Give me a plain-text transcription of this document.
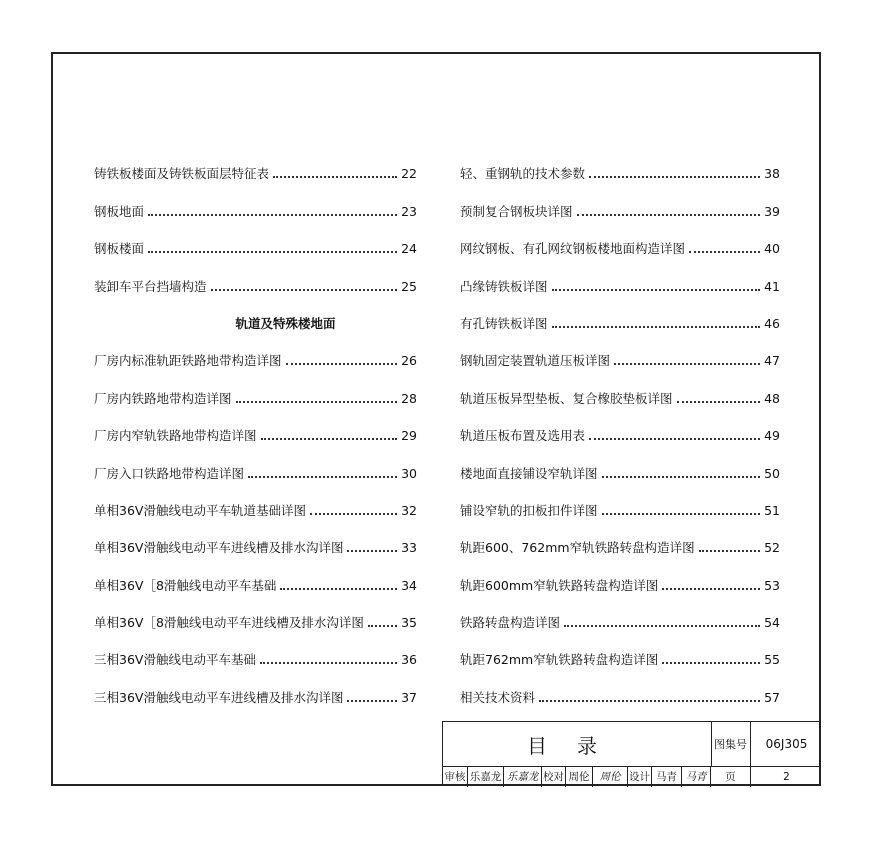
铸铁板楼面及铸铁板面层特征表	22
钢板地面	23
钢板楼面	24
装卸车平台挡墙构造	25
轨道及特殊楼地面
厂房内标准轨距铁路地带构造详图	26
厂房内铁路地带构造详图	28
厂房内窄轨铁路地带构造详图	29
厂房入口铁路地带构造详图	30
单相36V滑触线电动平车轨道基础详图	32
单相36V滑触线电动平车进线槽及排水沟详图	33
单相36V［8滑触线电动平车基础	34
单相36V［8滑触线电动平车进线槽及排水沟详图	35
三相36V滑触线电动平车基础	36
三相36V滑触线电动平车进线槽及排水沟详图	37
轻、重钢轨的技术参数	38
预制复合钢板块详图	39
网纹钢板、有孔网纹钢板楼地面构造详图	40
凸缘铸铁板详图	41
有孔铸铁板详图	46
钢轨固定装置轨道压板详图	47
轨道压板异型垫板、复合橡胶垫板详图	48
轨道压板布置及选用表	49
楼地面直接铺设窄轨详图	50
铺设窄轨的扣板扣件详图	51
轨距600、762mm窄轨铁路转盘构造详图	52
轨距600mm窄轨铁路转盘构造详图	53
铁路转盘构造详图	54
轨距762mm窄轨铁路转盘构造详图	55
相关技术资料	57
目录	图集号	06J305
审核 乐嘉龙 乐嘉龙 校对 周伦 周伦 设计 马青 马青	页	2
